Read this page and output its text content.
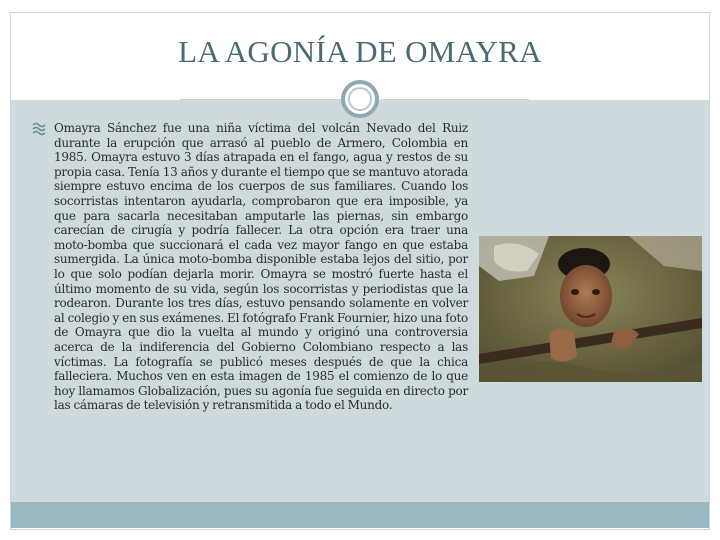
LA AGONÍA DE OMAYRA

Omayra Sánchez fue una niña víctima del volcán Nevado del Ruiz durante la erupción que arrasó al pueblo de Armero, Colombia en 1985. Omayra estuvo 3 días atrapada en el fango, agua y restos de su propia casa. Tenía 13 años y durante el tiempo que se mantuvo atorada siempre estuvo encima de los cuerpos de sus familiares. Cuando los socorristas intentaron ayudarla, comprobaron que era imposible, ya que para sacarla necesitaban amputarle las piernas, sin embargo carecían de cirugía y podría fallecer. La otra opción era traer una moto-bomba que succionará el cada vez mayor fango en que estaba sumergida. La única moto-bomba disponible estaba lejos del sitio, por lo que solo podían dejarla morir. Omayra se mostró fuerte hasta el último momento de su vida, según los socorristas y periodistas que la rodearon. Durante los tres días, estuvo pensando solamente en volver al colegio y en sus exámenes. El fotógrafo Frank Fournier, hizo una foto de Omayra que dio la vuelta al mundo y originó una controversia acerca de la indiferencia del Gobierno Colombiano respecto a las víctimas. La fotografía se publicó meses después de que la chica falleciera. Muchos ven en esta imagen de 1985 el comienzo de lo que hoy llamamos Globalización, pues su agonía fue seguida en directo por las cámaras de televisión y retransmitida a todo el Mundo.
